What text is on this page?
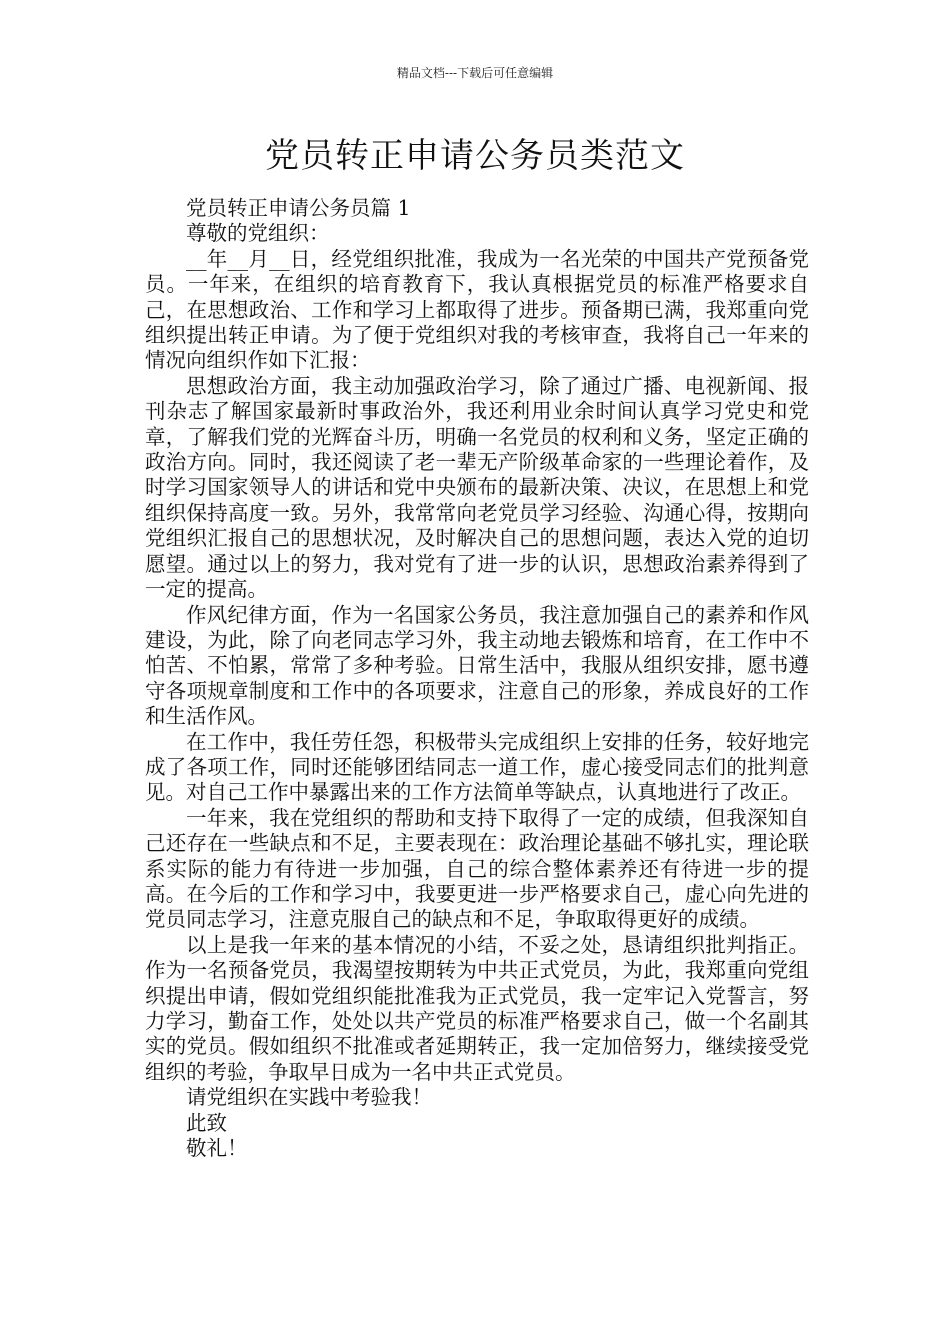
精品文档---下载后可任意编辑
党员转正申请公务员类范文

党员转正申请公务员篇 1

尊敬的党组织：

__年__月__日，经党组织批准，我成为一名光荣的中国共产党预备党员。一年来，在组织的培育教育下，我认真根据党员的标准严格要求自己，在思想政治、工作和学习上都取得了进步。预备期已满，我郑重向党组织提出转正申请。为了便于党组织对我的考核审查，我将自己一年来的情况向组织作如下汇报：

思想政治方面，我主动加强政治学习，除了通过广播、电视新闻、报刊杂志了解国家最新时事政治外，我还利用业余时间认真学习党史和党章，了解我们党的光辉奋斗历，明确一名党员的权利和义务，坚定正确的政治方向。同时，我还阅读了老一辈无产阶级革命家的一些理论着作，及时学习国家领导人的讲话和党中央颁布的最新决策、决议，在思想上和党组织保持高度一致。另外，我常常向老党员学习经验、沟通心得，按期向党组织汇报自己的思想状况，及时解决自己的思想问题，表达入党的迫切愿望。通过以上的努力，我对党有了进一步的认识，思想政治素养得到了一定的提高。

作风纪律方面，作为一名国家公务员，我注意加强自己的素养和作风建设，为此，除了向老同志学习外，我主动地去锻炼和培育，在工作中不怕苦、不怕累，常常了多种考验。日常生活中，我服从组织安排，愿书遵守各项规章制度和工作中的各项要求，注意自己的形象，养成良好的工作和生活作风。

在工作中，我任劳任怨，积极带头完成组织上安排的任务，较好地完成了各项工作，同时还能够团结同志一道工作，虚心接受同志们的批判意见。对自己工作中暴露出来的工作方法简单等缺点，认真地进行了改正。

一年来，我在党组织的帮助和支持下取得了一定的成绩，但我深知自己还存在一些缺点和不足，主要表现在：政治理论基础不够扎实，理论联系实际的能力有待进一步加强，自己的综合整体素养还有待进一步的提高。在今后的工作和学习中，我要更进一步严格要求自己，虚心向先进的党员同志学习，注意克服自己的缺点和不足，争取取得更好的成绩。

以上是我一年来的基本情况的小结，不妥之处，恳请组织批判指正。作为一名预备党员，我渴望按期转为中共正式党员，为此，我郑重向党组织提出申请，假如党组织能批准我为正式党员，我一定牢记入党誓言，努力学习，勤奋工作，处处以共产党员的标准严格要求自己，做一个名副其实的党员。假如组织不批准或者延期转正，我一定加倍努力，继续接受党组织的考验，争取早日成为一名中共正式党员。

请党组织在实践中考验我！

此致

敬礼！
